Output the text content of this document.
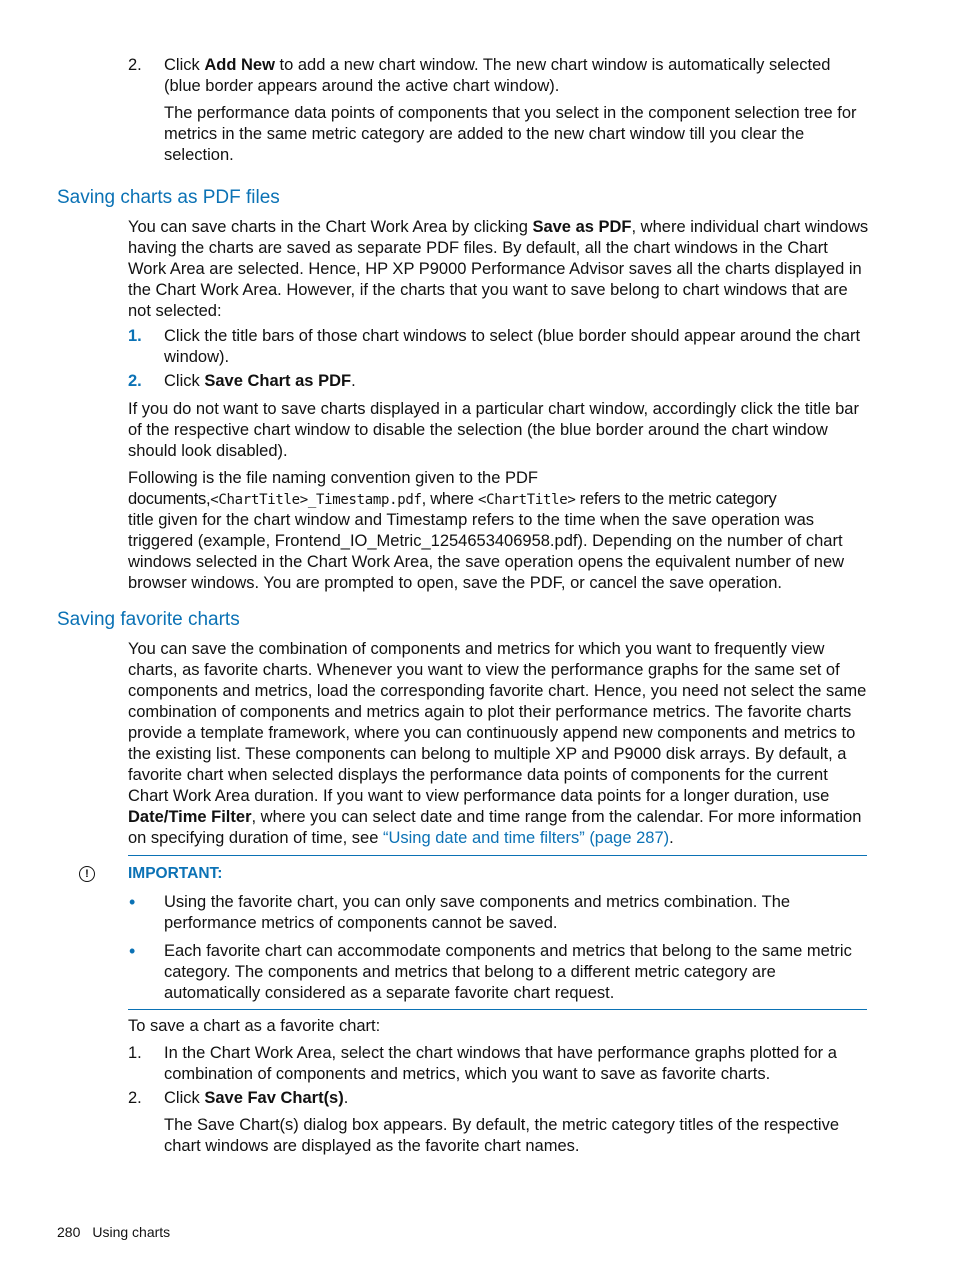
2. Click Add New to add a new chart window. The new chart window is automatically selected (blue border appears around the active chart window).
The performance data points of components that you select in the component selection tree for metrics in the same metric category are added to the new chart window till you clear the selection.
Saving charts as PDF files
You can save charts in the Chart Work Area by clicking Save as PDF, where individual chart windows having the charts are saved as separate PDF files. By default, all the chart windows in the Chart Work Area are selected. Hence, HP XP P9000 Performance Advisor saves all the charts displayed in the Chart Work Area. However, if the charts that you want to save belong to chart windows that are not selected:
1. Click the title bars of those chart windows to select (blue border should appear around the chart window).
2. Click Save Chart as PDF.
If you do not want to save charts displayed in a particular chart window, accordingly click the title bar of the respective chart window to disable the selection (the blue border around the chart window should look disabled).
Following is the file naming convention given to the PDF
documents,<ChartTitle>_Timestamp.pdf, where <ChartTitle> refers to the metric category
title given for the chart window and Timestamp refers to the time when the save operation was triggered (example, Frontend_IO_Metric_1254653406958.pdf). Depending on the number of chart windows selected in the Chart Work Area, the save operation opens the equivalent number of new browser windows. You are prompted to open, save the PDF, or cancel the save operation.
Saving favorite charts
You can save the combination of components and metrics for which you want to frequently view charts, as favorite charts. Whenever you want to view the performance graphs for the same set of components and metrics, load the corresponding favorite chart. Hence, you need not select the same combination of components and metrics again to plot their performance metrics. The favorite charts provide a template framework, where you can continuously append new components and metrics to the existing list. These components can belong to multiple XP and P9000 disk arrays. By default, a favorite chart when selected displays the performance data points of components for the current Chart Work Area duration. If you want to view performance data points for a longer duration, use Date/Time Filter, where you can select date and time range from the calendar. For more information on specifying duration of time, see “Using date and time filters” (page 287).
!	IMPORTANT:
• Using the favorite chart, you can only save components and metrics combination. The performance metrics of components cannot be saved.
• Each favorite chart can accommodate components and metrics that belong to the same metric category. The components and metrics that belong to a different metric category are automatically considered as a separate favorite chart request.
To save a chart as a favorite chart:
1. In the Chart Work Area, select the chart windows that have performance graphs plotted for a combination of components and metrics, which you want to save as favorite charts.
2. Click Save Fav Chart(s).
The Save Chart(s) dialog box appears. By default, the metric category titles of the respective chart windows are displayed as the favorite chart names.
280 Using charts
